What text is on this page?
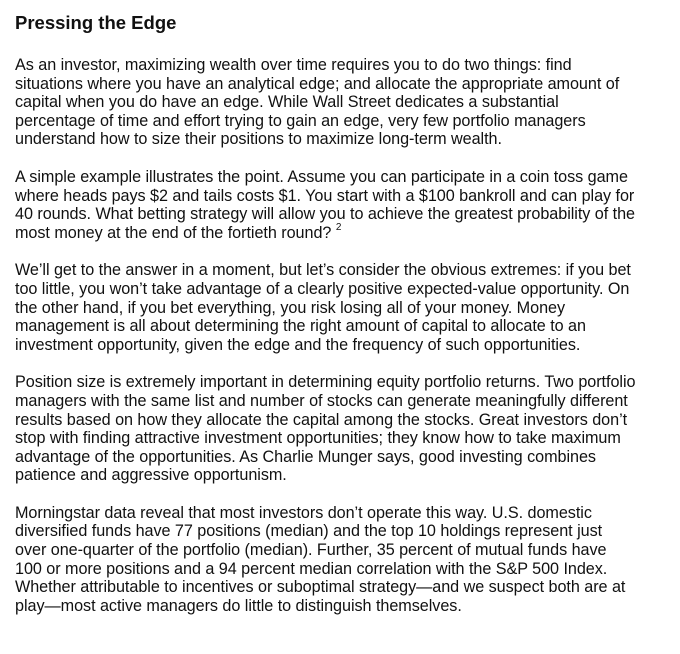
Pressing the Edge
As an investor, maximizing wealth over time requires you to do two things: find
situations where you have an analytical edge; and allocate the appropriate amount of
capital when you do have an edge. While Wall Street dedicates a substantial
percentage of time and effort trying to gain an edge, very few portfolio managers
understand how to size their positions to maximize long-term wealth.
A simple example illustrates the point. Assume you can participate in a coin toss game
where heads pays $2 and tails costs $1. You start with a $100 bankroll and can play for
40 rounds. What betting strategy will allow you to achieve the greatest probability of the
most money at the end of the fortieth round? $^2$
We’ll get to the answer in a moment, but let’s consider the obvious extremes: if you bet
too little, you won’t take advantage of a clearly positive expected-value opportunity. On
the other hand, if you bet everything, you risk losing all of your money. Money
management is all about determining the right amount of capital to allocate to an
investment opportunity, given the edge and the frequency of such opportunities.
Position size is extremely important in determining equity portfolio returns. Two portfolio
managers with the same list and number of stocks can generate meaningfully different
results based on how they allocate the capital among the stocks. Great investors don’t
stop with finding attractive investment opportunities; they know how to take maximum
advantage of the opportunities. As Charlie Munger says, good investing combines
patience and aggressive opportunism.
Morningstar data reveal that most investors don’t operate this way. U.S. domestic
diversified funds have 77 positions (median) and the top 10 holdings represent just
over one-quarter of the portfolio (median). Further, 35 percent of mutual funds have
100 or more positions and a 94 percent median correlation with the S&P 500 Index.
Whether attributable to incentives or suboptimal strategy—and we suspect both are at
play—most active managers do little to distinguish themselves.
